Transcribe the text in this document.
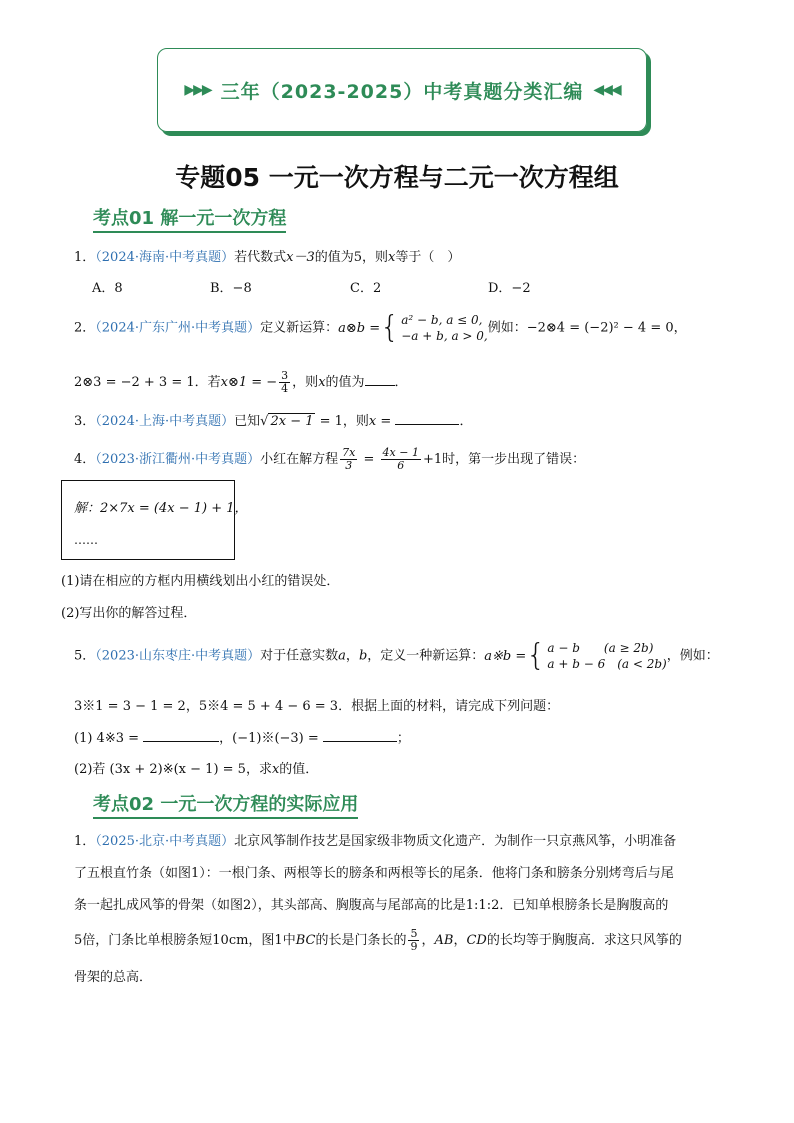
▶▶▶ 三年（2023-2025）中考真题分类汇编 ◀◀◀
专题05 一元一次方程与二元一次方程组
考点01 解一元一次方程
1．（2024·海南·中考真题）若代数式x－3的值为5，则x等于（　）
A．8	B．−8	C．2	D．−2
2．（2024·广东广州·中考真题）定义新运算： a⊗b = { a² − b, a ≤ 0,
−a + b, a > 0,
例如：−2⊗4 = (−2)² − 4 = 0，
2⊗3 = −2 + 3 = 1．若x⊗1 = − $\frac{3}{4}$ ，则x的值为 ．
3．（2024·上海·中考真题）已知√ 2x − 1 = 1，则x =	．
4．（2023·浙江衢州·中考真题）小红在解方程 $\frac{7x}{3} = \frac{4x - 1}{6} +1$时，第一步出现了错误：
解：2×7x = (4x − 1) + 1，
……
(1)请在相应的方框内用横线划出小红的错误处．
(2)写出你的解答过程．
5．（2023·山东枣庄·中考真题）对于任意实数a，b，定义一种新运算： a※b = { a − b　　(a ≥ 2b)
a + b − 6　(a < 2b)
，例如：
3※1 = 3 − 1 = 2，5※4 = 5 + 4 − 6 = 3．根据上面的材料，请完成下列问题：
(1) 4※3 =	，(−1)※(−3) =	；
(2)若 (3x + 2)※(x − 1) = 5，求x的值．
考点02 一元一次方程的实际应用
1．（2025·北京·中考真题）北京风筝制作技艺是国家级非物质文化遗产．为制作一只京燕风筝，小明准备
了五根直竹条（如图1）：一根门条、两根等长的膀条和两根等长的尾条．他将门条和膀条分别烤弯后与尾
条一起扎成风筝的骨架（如图2），其头部高、胸腹高与尾部高的比是1:1:2．已知单根膀条长是胸腹高的
5倍，门条比单根膀条短10cm，图1中BC的长是门条长的 $\frac{5}{9}$ ，AB，CD的长均等于胸腹高．求这只风筝的
骨架的总高．
